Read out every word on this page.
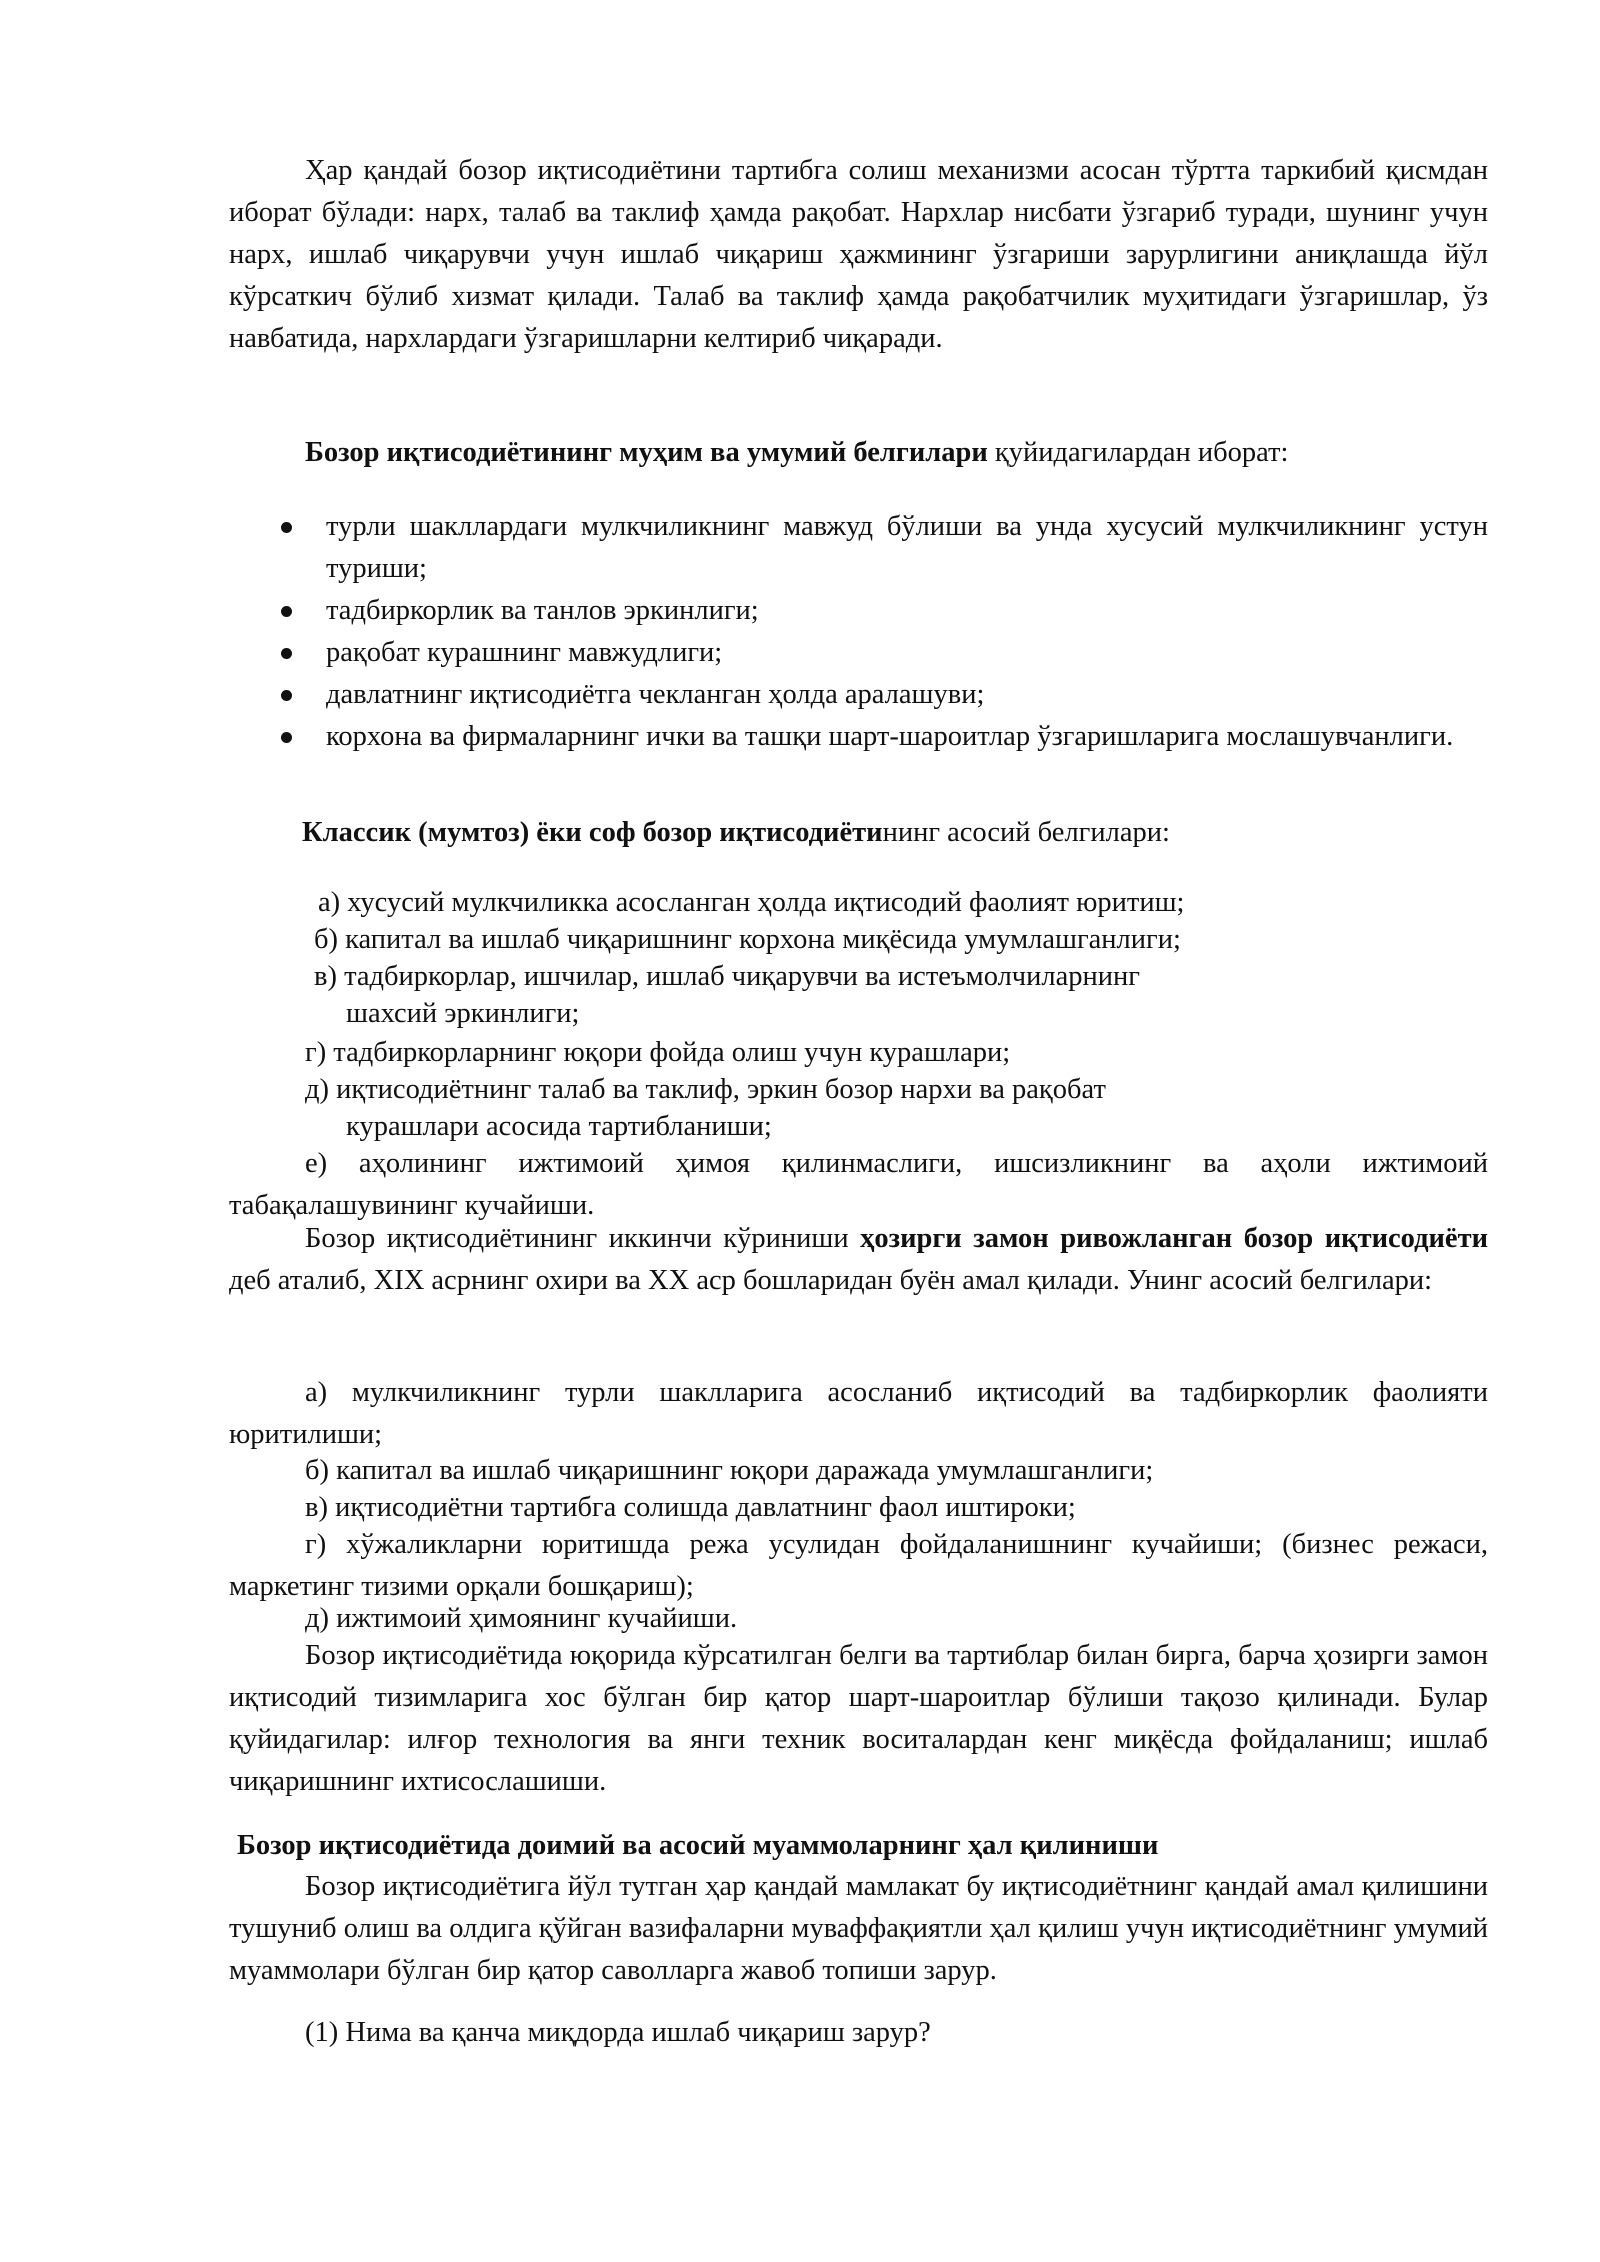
Ҳар қандай бозор иқтисодиётини тартибга солиш механизми асосан тўртта таркибий қисмдан иборат бўлади: нарх, талаб ва таклиф ҳамда рақобат. Нархлар нисбати ўзгариб туради, шунинг учун нарх, ишлаб чиқарувчи учун ишлаб чиқариш ҳажмининг ўзгариши зарурлигини аниқлашда йўл кўрсаткич бўлиб хизмат қилади. Талаб ва таклиф ҳамда рақобатчилик муҳитидаги ўзгаришлар, ўз навбатида, нархлардаги ўзгаришларни келтириб чиқаради.

Бозор иқтисодиётининг муҳим ва умумий белгилари қуйидагилардан иборат:

турли шакллардаги мулкчиликнинг мавжуд бўлиши ва унда хусусий мулкчиликнинг устун туриши;
тадбиркорлик ва танлов эркинлиги;
рақобат курашнинг мавжудлиги;
давлатнинг иқтисодиётга чекланган ҳолда аралашуви;
корхона ва фирмаларнинг ички ва ташқи шарт-шароитлар ўзгаришларига мослашувчанлиги.

Классик (мумтоз) ёки соф бозор иқтисодиётининг асосий белгилари:

а) хусусий мулкчиликка асосланган ҳолда иқтисодий фаолият юритиш;

б) капитал ва ишлаб чиқаришнинг корхона миқёсида умумлашганлиги;

в) тадбиркорлар, ишчилар, ишлаб чиқарувчи ва истеъмолчиларнинг

шахсий эркинлиги;

г) тадбиркорларнинг юқори фойда олиш учун курашлари;

д) иқтисодиётнинг талаб ва таклиф, эркин бозор нархи ва рақобат

курашлари асосида тартибланиши;

е) аҳолининг ижтимоий ҳимоя қилинмаслиги, ишсизликнинг ва аҳоли ижтимоий табақалашувининг кучайиши.

Бозор иқтисодиётининг иккинчи кўриниши ҳозирги замон ривожланган бозор иқтисодиёти деб аталиб, XIX асрнинг охири ва XX аср бошларидан буён амал қилади. Унинг асосий белгилари:

а) мулкчиликнинг турли шаклларига асосланиб иқтисодий ва тадбиркорлик фаолияти юритилиши;

б) капитал ва ишлаб чиқаришнинг юқори даражада умумлашганлиги;

в) иқтисодиётни тартибга солишда давлатнинг фаол иштироки;

г) хўжаликларни юритишда режа усулидан фойдаланишнинг кучайиши; (бизнес режаси, маркетинг тизими орқали бошқариш);

д) ижтимоий ҳимоянинг кучайиши.

Бозор иқтисодиётида юқорида кўрсатилган белги ва тартиблар билан бирга, барча ҳозирги замон иқтисодий тизимларига хос бўлган бир қатор шарт-шароитлар бўлиши тақозо қилинади. Булар қуйидагилар: илғор технология ва янги техник воситалардан кенг миқёсда фойдаланиш; ишлаб чиқаришнинг ихтисослашиши.

Бозор иқтисодиётида доимий ва асосий муаммоларнинг ҳал қилиниши

Бозор иқтисодиётига йўл тутган ҳар қандай мамлакат бу иқтисодиётнинг қандай амал қилишини тушуниб олиш ва олдига қўйган вазифаларни муваффақиятли ҳал қилиш учун иқтисодиётнинг умумий муаммолари бўлган бир қатор саволларга жавоб топиши зарур.

(1) Нима ва қанча миқдорда ишлаб чиқариш зарур?
